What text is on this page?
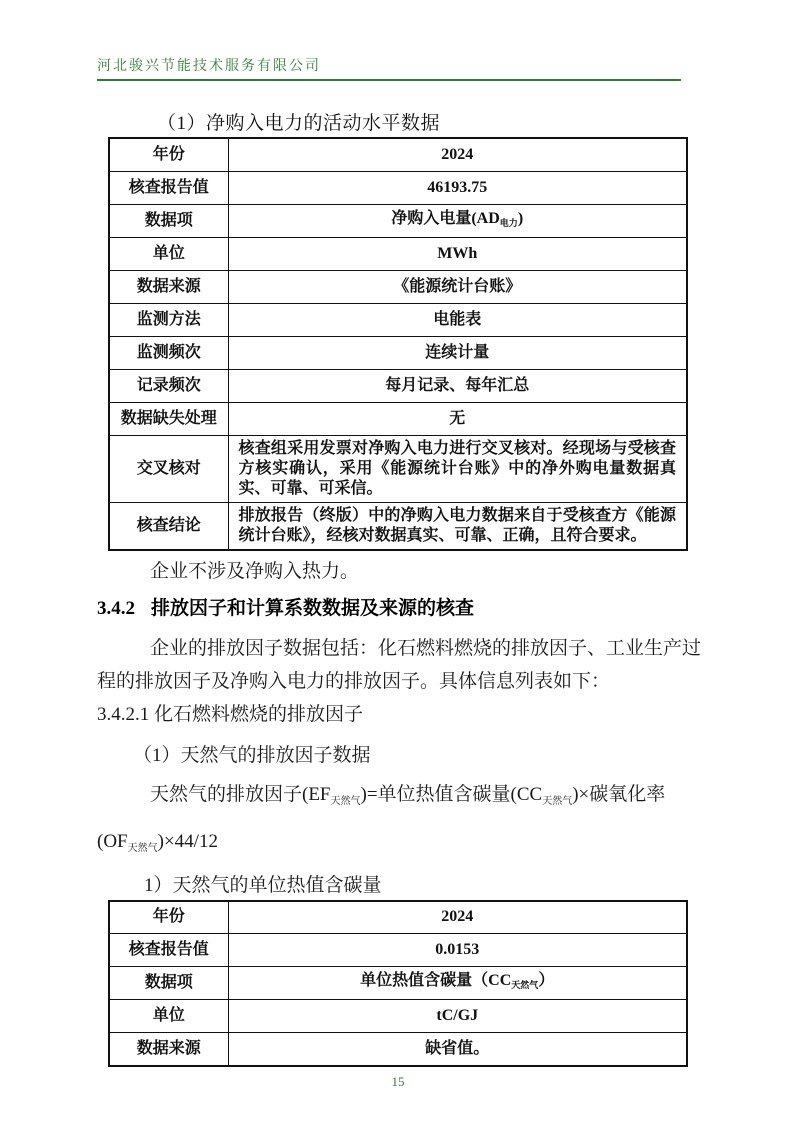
河北骏兴节能技术服务有限公司
（1）净购入电力的活动水平数据
年份	2024
核查报告值	46193.75
数据项	净购入电量$(AD_{电力})$
单位	MWh
数据来源	《能源统计台账》
监测方法	电能表
监测频次	连续计量
记录频次	每月记录、每年汇总
数据缺失处理	无
交叉核对	核查组采用发票对净购入电力进行交叉核对。经现场与受核查方核实确认，采用《能源统计台账》中的净外购电量数据真实、可靠、可采信。
核查结论	排放报告（终版）中的净购入电力数据来自于受核查方《能源统计台账》，经核对数据真实、可靠、正确，且符合要求。

企业不涉及净购入热力。

3.4.2 排放因子和计算系数数据及来源的核查

企业的排放因子数据包括：化石燃料燃烧的排放因子、工业生产过程的排放因子及净购入电力的排放因子。具体信息列表如下：

3.4.2.1 化石燃料燃烧的排放因子
（1）天然气的排放因子数据

天然气的排放因子$(EF_{天然气})=$单位热值含碳量$(CC_{天然气})\times$碳氧化率

$(OF_{天然气})\times 44/12$

1）天然气的单位热值含碳量
年份	2024
核查报告值	0.0153
数据项	单位热值含碳量$(CC_{天然气})$
单位	tC/GJ
数据来源	缺省值。
15
